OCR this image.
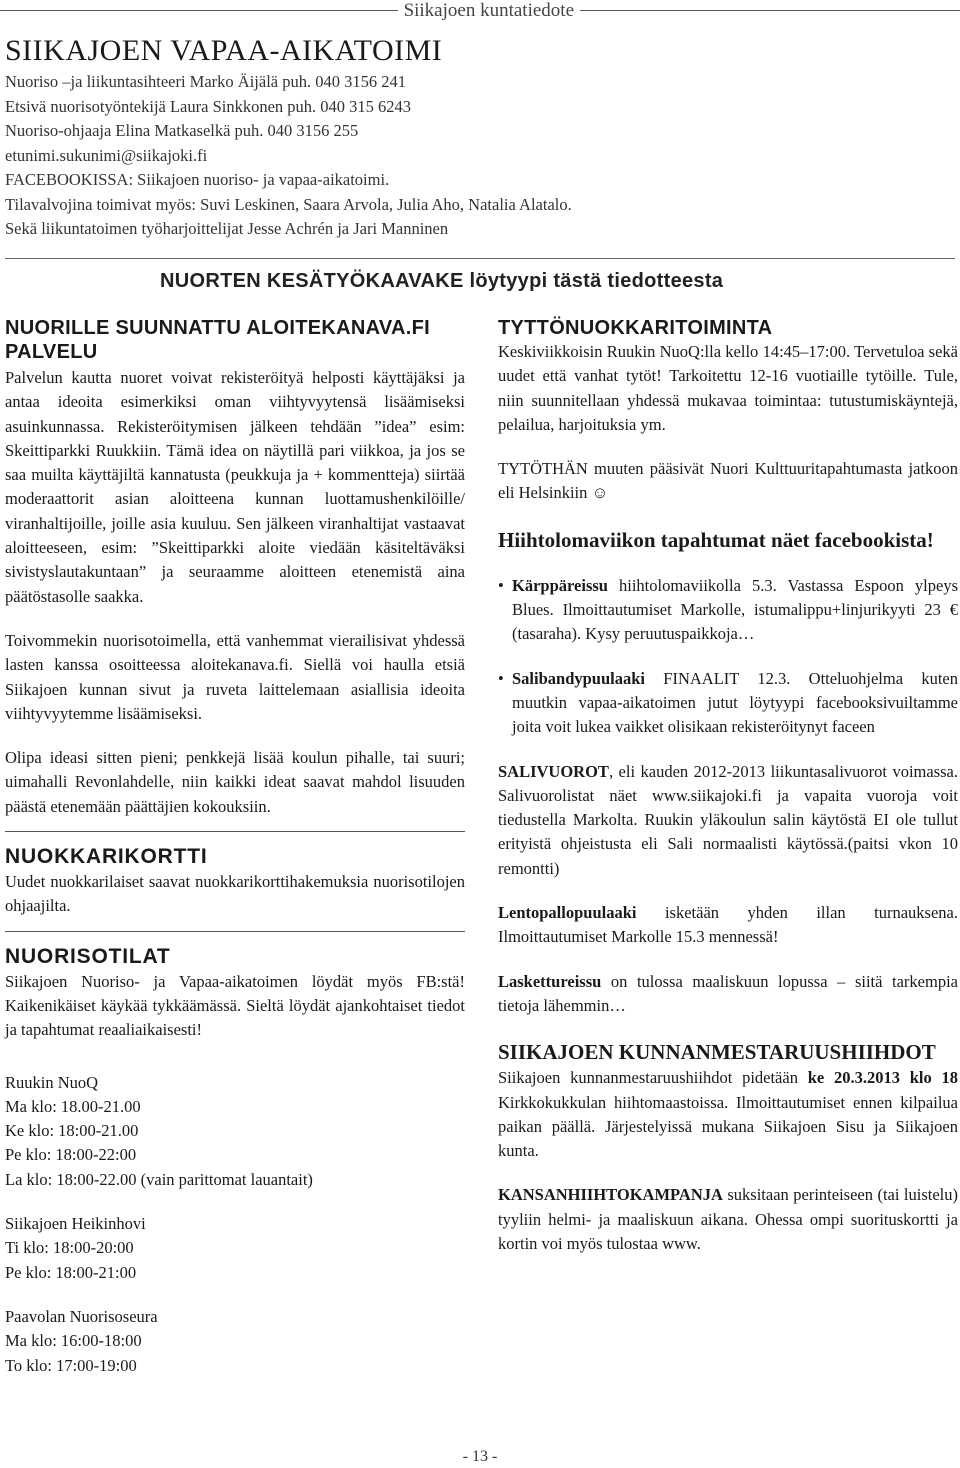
Siikajoen kuntatiedote
SIIKAJOEN VAPAA-AIKATOIMI
Nuoriso –ja liikuntasihteeri Marko Äijälä puh. 040 3156 241
Etsivä nuorisotyöntekijä Laura Sinkkonen puh. 040 315 6243
Nuoriso-ohjaaja Elina Matkaselkä puh. 040 3156 255
etunimi.sukunimi@siikajoki.fi
FACEBOOKISSA: Siikajoen nuoriso- ja vapaa-aikatoimi.
Tilavalvojina toimivat myös: Suvi Leskinen, Saara Arvola, Julia Aho, Natalia Alatalo.
Sekä liikuntatoimen työharjoittelijat Jesse Achrén ja Jari Manninen
NUORTEN KESÄTYÖKAAVAKE löytyypi tästä tiedotteesta
NUORILLE SUUNNATTU ALOITEKANAVA.FI PALVELU

Palvelun kautta nuoret voivat rekisteröityä helposti käyttäjäksi ja antaa ideoita esimerkiksi oman viihtyvyytensä lisäämiseksi asuinkunnassa. Rekisteröitymisen jälkeen tehdään ”idea” esim: Skeittiparkki Ruukkiin. Tämä idea on näytillä pari viikkoa, ja jos se saa muilta käyttäjiltä kannatusta (peukkuja ja + kommentteja) siirtää moderaattorit asian aloitteena kunnan luottamushenkilöille/ viranhaltijoille, joille asia kuuluu. Sen jälkeen viranhaltijat vastaavat aloitteeseen, esim: ”Skeittiparkki aloite viedään käsiteltäväksi sivistyslautakuntaan” ja seuraamme aloitteen etenemistä aina päätöstasolle saakka.

Toivommekin nuorisotoimella, että vanhemmat vierailisivat yhdessä lasten kanssa osoitteessa aloitekanava.fi. Siellä voi haulla etsiä Siikajoen kunnan sivut ja ruveta laittelemaan asiallisia ideoita viihtyvyytemme lisäämiseksi.

Olipa ideasi sitten pieni; penkkejä lisää koulun pihalle, tai suuri; uimahalli Revonlahdelle, niin kaikki ideat saavat mahdol lisuuden päästä etenemään päättäjien kokouksiin.

NUOKKARIKORTTI

Uudet nuokkarilaiset saavat nuokkarikorttihakemuksia nuorisotilojen ohjaajilta.

NUORISOTILAT

Siikajoen Nuoriso- ja Vapaa-aikatoimen löydät myös FB:stä! Kaikenikäiset käykää tykkäämässä. Sieltä löydät ajankohtaiset tiedot ja tapahtumat reaaliaikaisesti!

Ruukin NuoQ

Ma klo: 18.00-21.00

Ke klo: 18:00-21.00

Pe klo: 18:00-22:00

La klo: 18:00-22.00 (vain parittomat lauantait)

Siikajoen Heikinhovi

Ti klo: 18:00-20:00

Pe klo: 18:00-21:00

Paavolan Nuorisoseura

Ma klo: 16:00-18:00

To klo: 17:00-19:00

TYTTÖNUOKKARITOIMINTA

Keskiviikkoisin Ruukin NuoQ:lla kello 14:45–17:00. Tervetuloa sekä uudet että vanhat tytöt! Tarkoitettu 12-16 vuotiaille tytöille. Tule, niin suunnitellaan yhdessä mukavaa toimintaa: tutustumiskäyntejä, pelailua, harjoituksia ym.

TYTÖTHÄN muuten pääsivät Nuori Kulttuuritapahtumasta jatkoon eli Helsinkiin ☺

Hiihtolomaviikon tapahtumat näet facebookista!
• Kärppäreissu hiihtolomaviikolla 5.3. Vastassa Espoon ylpeys Blues. Ilmoittautumiset Markolle, istumalippu+linjurikyyti 23 € (tasaraha). Kysy peruutuspaikkoja…
• Salibandypuulaaki FINAALIT 12.3. Otteluohjelma kuten muutkin vapaa-aikatoimen jutut löytyypi facebooksivuiltamme joita voit lukea vaikket olisikaan rekisteröitynyt faceen

SALIVUOROT, eli kauden 2012-2013 liikuntasalivuorot voimassa. Salivuorolistat näet www.siikajoki.fi ja vapaita vuoroja voit tiedustella Markolta. Ruukin yläkoulun salin käytöstä EI ole tullut erityistä ohjeistusta eli Sali normaalisti käytössä.(paitsi vkon 10 remontti)

Lentopallopuulaaki isketään yhden illan turnauksena. Ilmoittautumiset Markolle 15.3 mennessä!

Laskettureissu on tulossa maaliskuun lopussa – siitä tarkempia tietoja lähemmin…

SIIKAJOEN KUNNANMESTARUUSHIIHDOT

Siikajoen kunnanmestaruushiihdot pidetään ke 20.3.2013 klo 18 Kirkkokukkulan hiihtomaastoissa. Ilmoittautumiset ennen kilpailua paikan päällä. Järjestelyissä mukana Siikajoen Sisu ja Siikajoen kunta.

KANSANHIIHTOKAMPANJA suksitaan perinteiseen (tai luistelu) tyyliin helmi- ja maaliskuun aikana. Ohessa ompi suorituskortti ja kortin voi myös tulostaa www.

- 13 -
